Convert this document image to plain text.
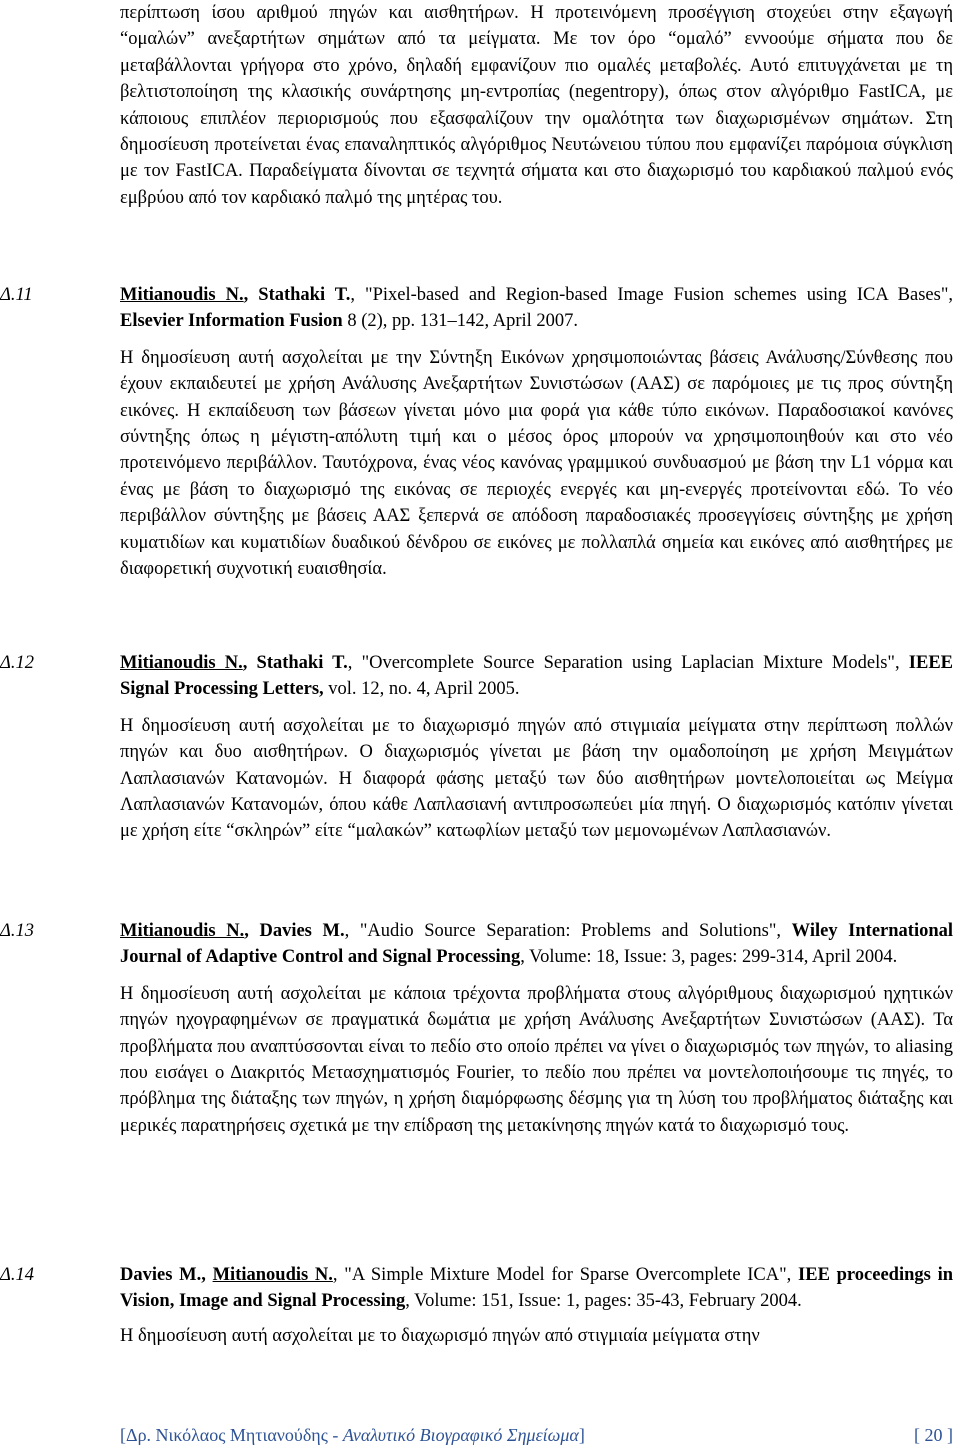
περίπτωση ίσου αριθμού πηγών και αισθητήρων. Η προτεινόμενη προσέγγιση στοχεύει στην εξαγωγή “ομαλών” ανεξαρτήτων σημάτων από τα μείγματα. Με τον όρο “ομαλό” εννοούμε σήματα που δε μεταβάλλονται γρήγορα στο χρόνο, δηλαδή εμφανίζουν πιο ομαλές μεταβολές. Αυτό επιτυγχάνεται με τη βελτιστοποίηση της κλασικής συνάρτησης μη-εντροπίας (negentropy), όπως στον αλγόριθμο FastICA, με κάποιους επιπλέον περιορισμούς που εξασφαλίζουν την ομαλότητα των διαχωρισμένων σημάτων. Στη δημοσίευση προτείνεται ένας επαναληπτικός αλγόριθμος Νευτώνειου τύπου που εμφανίζει παρόμοια σύγκλιση με τον FastICA. Παραδείγματα δίνονται σε τεχνητά σήματα και στο διαχωρισμό του καρδιακού παλμού ενός εμβρύου από τον καρδιακό παλμό της μητέρας του.
Δ.11	Mitianoudis N., Stathaki T., "Pixel-based and Region-based Image Fusion schemes using ICA Bases", Elsevier Information Fusion 8 (2), pp. 131–142, April 2007.
Η δημοσίευση αυτή ασχολείται με την Σύντηξη Εικόνων χρησιμοποιώντας βάσεις Ανάλυσης/Σύνθεσης που έχουν εκπαιδευτεί με χρήση Ανάλυσης Ανεξαρτήτων Συνιστώσων (ΑΑΣ) σε παρόμοιες με τις προς σύντηξη εικόνες. Η εκπαίδευση των βάσεων γίνεται μόνο μια φορά για κάθε τύπο εικόνων. Παραδοσιακοί κανόνες σύντηξης όπως η μέγιστη-απόλυτη τιμή και ο μέσος όρος μπορούν να χρησιμοποιηθούν και στο νέο προτεινόμενο περιβάλλον. Ταυτόχρονα, ένας νέος κανόνας γραμμικού συνδυασμού με βάση την L1 νόρμα και ένας με βάση το διαχωρισμό της εικόνας σε περιοχές ενεργές και μη-ενεργές προτείνονται εδώ. Το νέο περιβάλλον σύντηξης με βάσεις ΑΑΣ ξεπερνά σε απόδοση παραδοσιακές προσεγγίσεις σύντηξης με χρήση κυματιδίων και κυματιδίων δυαδικού δένδρου σε εικόνες με πολλαπλά σημεία και εικόνες από αισθητήρες με διαφορετική συχνοτική ευαισθησία.
Δ.12	Mitianoudis N., Stathaki T., "Overcomplete Source Separation using Laplacian Mixture Models", IEEE Signal Processing Letters, vol. 12, no. 4, April 2005.
Η δημοσίευση αυτή ασχολείται με το διαχωρισμό πηγών από στιγμιαία μείγματα στην περίπτωση πολλών πηγών και δυο αισθητήρων. Ο διαχωρισμός γίνεται με βάση την ομαδοποίηση με χρήση Μειγμάτων Λαπλασιανών Κατανομών. Η διαφορά φάσης μεταξύ των δύο αισθητήρων μοντελοποιείται ως Μείγμα Λαπλασιανών Κατανομών, όπου κάθε Λαπλασιανή αντιπροσωπεύει μία πηγή. Ο διαχωρισμός κατόπιν γίνεται με χρήση είτε “σκληρών” είτε “μαλακών” κατωφλίων μεταξύ των μεμονωμένων Λαπλασιανών.
Δ.13	Mitianoudis N., Davies M., "Audio Source Separation: Problems and Solutions", Wiley International Journal of Adaptive Control and Signal Processing, Volume: 18, Issue: 3, pages: 299-314, April 2004.
Η δημοσίευση αυτή ασχολείται με κάποια τρέχοντα προβλήματα στους αλγόριθμους διαχωρισμού ηχητικών πηγών ηχογραφημένων σε πραγματικά δωμάτια με χρήση Ανάλυσης Ανεξαρτήτων Συνιστώσων (ΑΑΣ). Τα προβλήματα που αναπτύσσονται είναι το πεδίο στο οποίο πρέπει να γίνει ο διαχωρισμός των πηγών, το aliasing που εισάγει ο Διακριτός Μετασχηματισμός Fourier, το πεδίο που πρέπει να μοντελοποιήσουμε τις πηγές, το πρόβλημα της διάταξης των πηγών, η χρήση διαμόρφωσης δέσμης για τη λύση του προβλήματος διάταξης και μερικές παρατηρήσεις σχετικά με την επίδραση της μετακίνησης πηγών κατά το διαχωρισμό τους.
Δ.14	Davies M., Mitianoudis N., "A Simple Mixture Model for Sparse Overcomplete ICA", IEE proceedings in Vision, Image and Signal Processing, Volume: 151, Issue: 1, pages: 35-43, February 2004.
Η δημοσίευση αυτή ασχολείται με το διαχωρισμό πηγών από στιγμιαία μείγματα στην
[Δρ. Νικόλαος Μητιανούδης - Αναλυτικό Βιογραφικό Σημείωμα]	[ 20 ]
